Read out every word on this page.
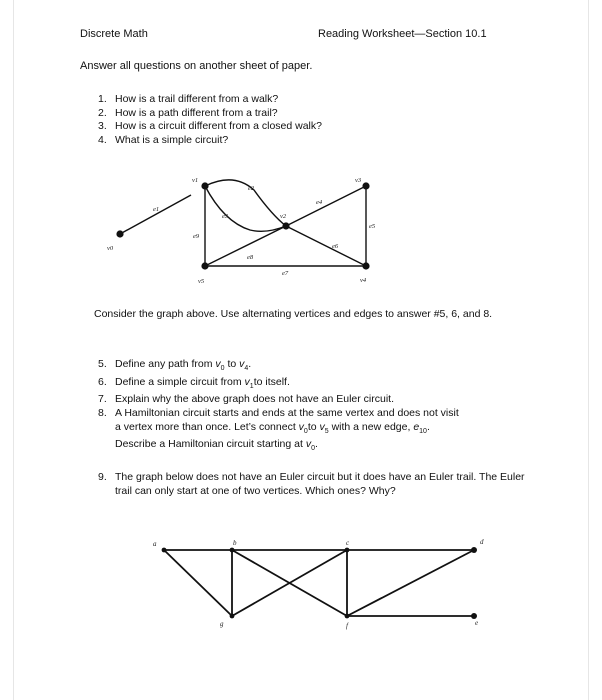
Discrete Math	Reading Worksheet—Section 10.1
Answer all questions on another sheet of paper.
1. How is a trail different from a walk?
2. How is a path different from a trail?
3. How is a circuit different from a closed walk?
4. What is a simple circuit?
v0
v1
v2
v3
v4
v5
e1
e2
e3
e4
e5
e6
e7
e8
e9
Consider the graph above. Use alternating vertices and edges to answer #5, 6, and 8.
5. Define any path from $v_0$ to $v_4$.
6. Define a simple circuit from $v_1to$ itself.
7. Explain why the above graph does not have an Euler circuit.
8. A Hamiltonian circuit starts and ends at the same vertex and does not visit
a vertex more than once. Let’s connect $v_0to$ $v_5$ with a new edge, $e_{10}$.
Describe a Hamiltonian circuit starting at $v_0$.
9. The graph below does not have an Euler circuit but it does have an Euler trail. The Euler trail can only start at one of two vertices. Which ones? Why?
a	b	c	d
e
f
g
